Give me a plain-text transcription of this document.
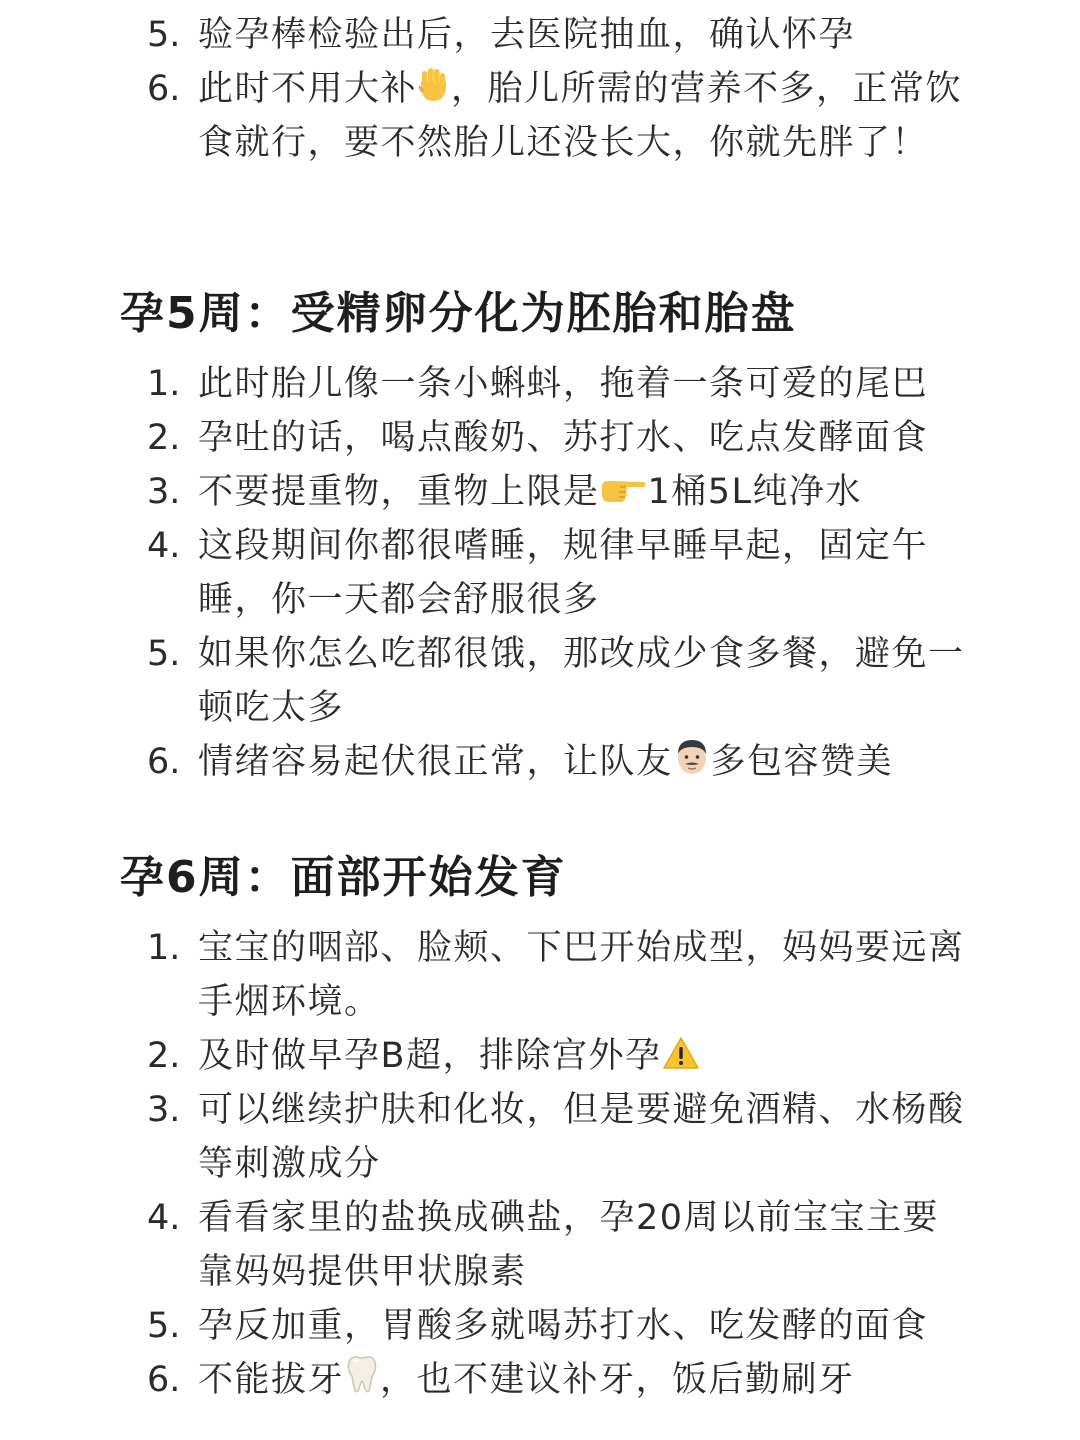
5. 验孕棒检验出后，去医院抽血，确认怀孕
6. 此时不用大补 ，胎儿所需的营养不多，正常饮食就行，要不然胎儿还没长大，你就先胖了！
孕5周：受精卵分化为胚胎和胎盘
1. 此时胎儿像一条小蝌蚪，拖着一条可爱的尾巴
2. 孕吐的话，喝点酸奶、苏打水、吃点发酵面食
3. 不要提重物，重物上限是 1桶5L纯净水
4. 这段期间你都很嗜睡，规律早睡早起，固定午睡，你一天都会舒服很多
5. 如果你怎么吃都很饿，那改成少食多餐，避免一顿吃太多
6. 情绪容易起伏很正常，让队友 多包容赞美
孕6周：面部开始发育
1. 宝宝的咽部、脸颊、下巴开始成型，妈妈要远离手烟环境。
2. 及时做早孕B超，排除宫外孕
3. 可以继续护肤和化妆，但是要避免酒精、水杨酸等刺激成分
4. 看看家里的盐换成碘盐，孕20周以前宝宝主要靠妈妈提供甲状腺素
5. 孕反加重，胃酸多就喝苏打水、吃发酵的面食
6. 不能拔牙 ，也不建议补牙，饭后勤刷牙
